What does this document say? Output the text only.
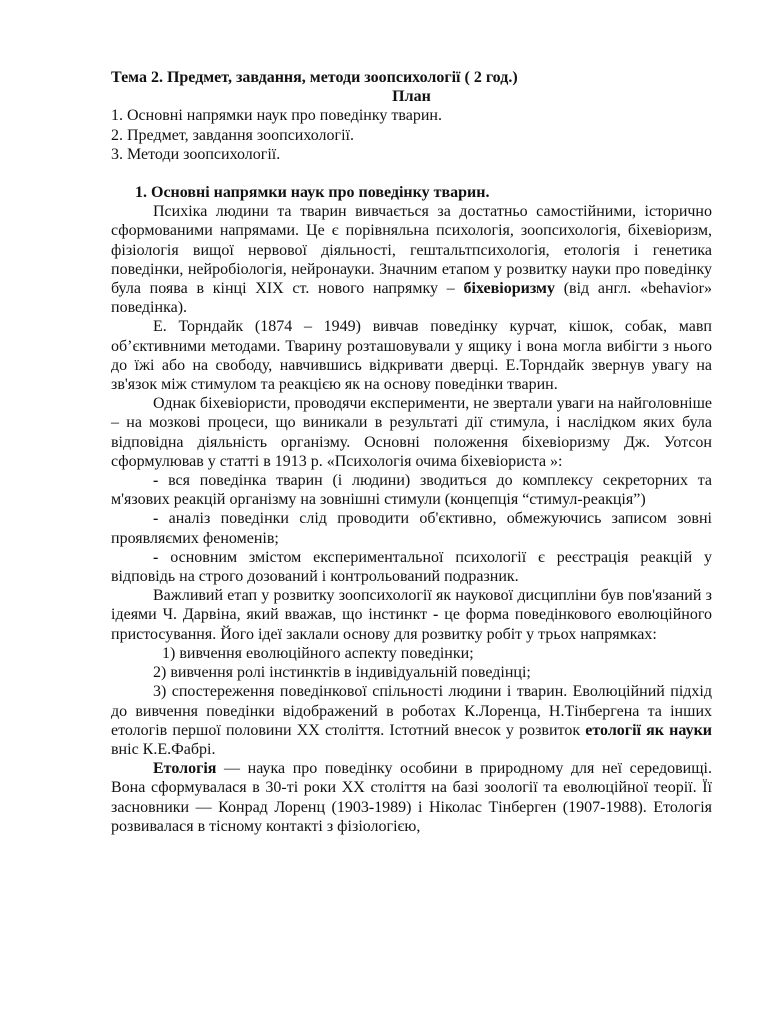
Тема 2. Предмет, завдання, методи зоопсихології ( 2 год.)

План

1. Основні напрямки наук про поведінку тварин.

2. Предмет, завдання зоопсихології.

3. Методи зоопсихології.

1. Основні напрямки наук про поведінку тварин.

Психіка людини та тварин вивчається за достатньо самостійними, історично сформованими напрямами. Це є порівняльна психологія, зоопсихологія, біхевіоризм, фізіологія вищої нервової діяльності, гештальтпсихологія, етологія і генетика поведінки, нейробіологія, нейронауки. Значним етапом у розвитку науки про поведінку була поява в кінці XIX ст. нового напрямку – біхевіоризму (від англ. «behavior» поведінка).

Е. Торндайк (1874 – 1949) вивчав поведінку курчат, кішок, собак, мавп об’єктивними методами. Тварину розташовували у ящику і вона могла вибігти з нього до їжі або на свободу, навчившись відкривати дверці. Е.Торндайк звернув увагу на зв'язок між стимулом та реакцією як на основу поведінки тварин.

Однак біхевіористи, проводячи експерименти, не звертали уваги на найголовніше – на мозкові процеси, що виникали в результаті дії стимула, і наслідком яких була відповідна діяльність організму. Основні положення біхевіоризму Дж. Уотсон сформулював у статті в 1913 р. «Психологія очима біхевіориста »:

- вся поведінка тварин (і людини) зводиться до комплексу секреторних та м'язових реакцій організму на зовнішні стимули (концепція “стимул-реакція”)

- аналіз поведінки слід проводити об'єктивно, обмежуючись записом зовні проявляємих феноменів;

- основним змістом експериментальної психології є реєстрація реакцій у відповідь на строго дозований і контрольований подразник.

Важливий етап у розвитку зоопсихології як наукової дисципліни був пов'язаний з ідеями Ч. Дарвіна, який вважав, що інстинкт - це форма поведінкового еволюційного пристосування. Його ідеї заклали основу для розвитку робіт у трьох напрямках:

1) вивчення еволюційного аспекту поведінки;

2) вивчення ролі інстинктів в індивідуальній поведінці;

3) спостереження поведінкової спільності людини і тварин. Еволюційний підхід до вивчення поведінки відображений в роботах К.Лоренца, Н.Тінбергена та інших етологів першої половини ХХ століття. Істотний внесок у розвиток етології як науки вніс К.Е.Фабрі.

Етологія — наука про поведінку особини в природному для неї середовищі. Вона сформувалася в 30-ті роки XX століття на базі зоології та еволюційної теорії. Її засновники — Конрад Лоренц (1903-1989) і Ніколас Тінберген (1907-1988). Етологія розвивалася в тісному контакті з фізіологією,
